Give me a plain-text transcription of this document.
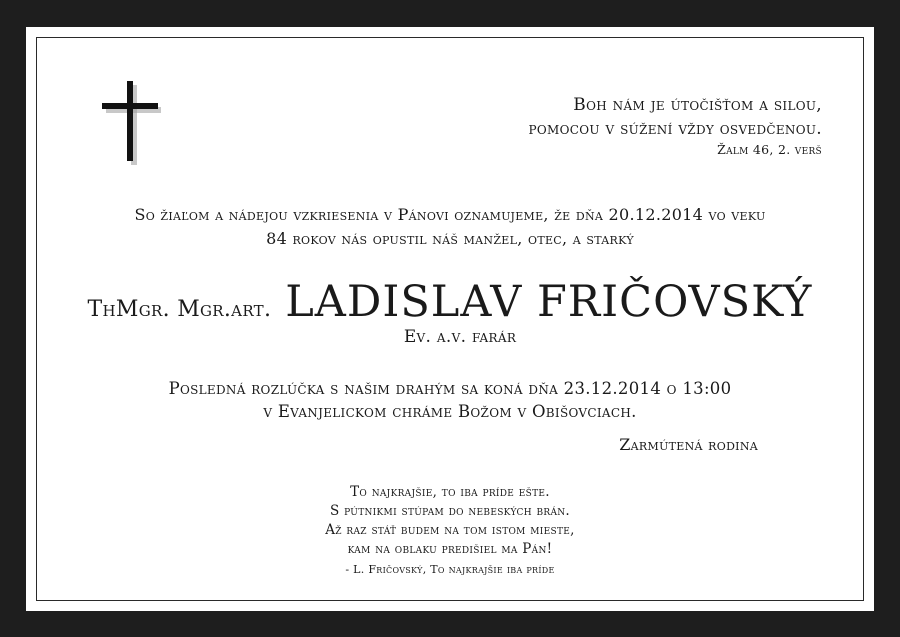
Boh nám je útočišťom a silou,
pomocou v súžení vždy osvedčenou.
Žalm 46, 2. verš
So žiaľom a nádejou vzkriesenia v Pánovi oznamujeme, že dňa 20.12.2014 vo veku
84 rokov nás opustil náš manžel, otec, a starký
ThMgr. Mgr.art. LADISLAV FRIČOVSKÝ
Ev. a.v. farár
Posledná rozlúčka s našim drahým sa koná dňa 23.12.2014 o 13:00
v Evanjelickom chráme Božom v Obišovciach.
Zarmútená rodina
To najkrajšie, to iba príde ešte.
S pútnikmi stúpam do nebeských brán.
Až raz stáť budem na tom istom mieste,
kam na oblaku predišiel ma Pán!
- L. Fričovský, To najkrajšie iba príde
